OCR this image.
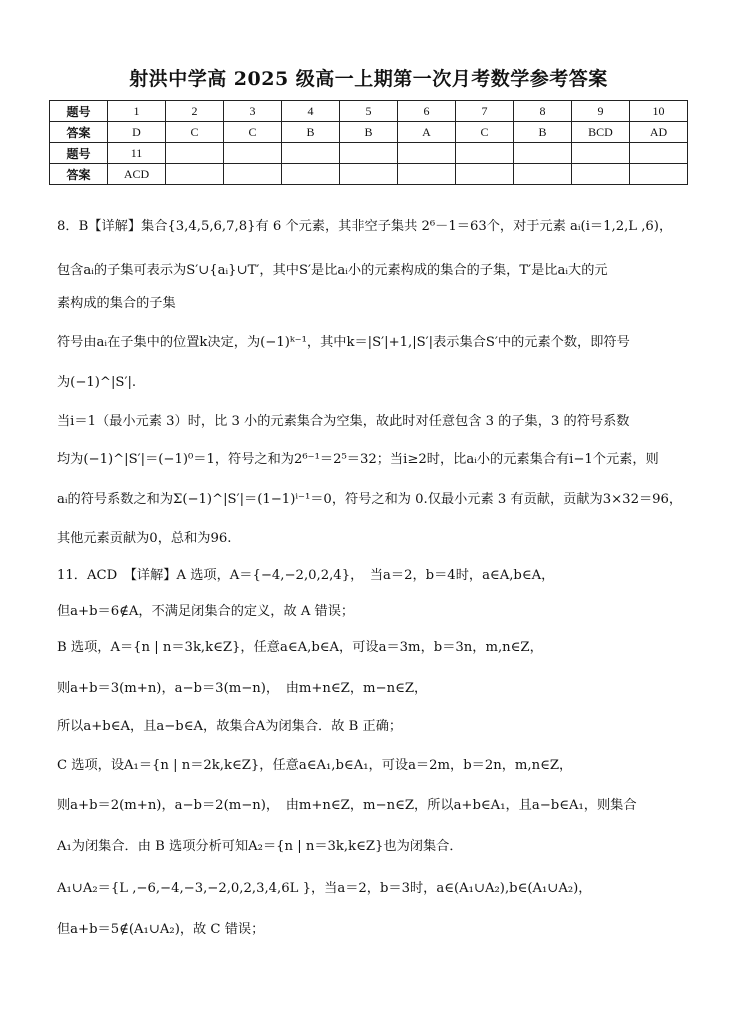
射洪中学高 2025 级高一上期第一次月考数学参考答案
题号	1	2	3	4	5	6	7	8	9	10
答案	D	C	C	B	B	A	C	B	BCD	AD
题号	11									
答案	ACD									
8．B【详解】集合{3,4,5,6,7,8}有 6 个元素，其非空子集共 2⁶－1＝63个，对于元素 aᵢ(i＝1,2,L ,6)，
包含aᵢ的子集可表示为S′∪{aᵢ}∪T′，其中S′是比aᵢ小的元素构成的集合的子集，T′是比aᵢ大的元
素构成的集合的子集
符号由aᵢ在子集中的位置k决定，为(−1)ᵏ⁻¹，其中k＝|S′|+1,|S′|表示集合S′中的元素个数，即符号
为(−1)^|S′|.
当i＝1（最小元素 3）时，比 3 小的元素集合为空集，故此时对任意包含 3 的子集，3 的符号系数
均为(−1)^|S′|＝(−1)⁰＝1，符号之和为2⁶⁻¹＝2⁵＝32；当i≥2时，比aᵢ小的元素集合有i−1个元素，则
aᵢ的符号系数之和为Σ(−1)^|S′|＝(1−1)ⁱ⁻¹＝0，符号之和为 0.仅最小元素 3 有贡献，贡献为3×32＝96，
其他元素贡献为0，总和为96.
11．ACD　【详解】A 选项，A＝{−4,−2,0,2,4}，　当a＝2，b＝4时，a∈A,b∈A，
但a+b＝6∉A，不满足闭集合的定义，故 A 错误；
B 选项，A＝{n | n＝3k,k∈Z}，任意a∈A,b∈A，可设a＝3m，b＝3n，m,n∈Z，
则a+b＝3(m+n)，a−b＝3(m−n)，　由m+n∈Z，m−n∈Z，
所以a+b∈A，且a−b∈A，故集合A为闭集合．故 B 正确；
C 选项，设A₁＝{n | n＝2k,k∈Z}，任意a∈A₁,b∈A₁，可设a＝2m，b＝2n，m,n∈Z，
则a+b＝2(m+n)，a−b＝2(m−n)，　由m+n∈Z，m−n∈Z，所以a+b∈A₁，且a−b∈A₁，则集合
A₁为闭集合．由 B 选项分析可知A₂＝{n | n＝3k,k∈Z}也为闭集合．
A₁∪A₂＝{L ,−6,−4,−3,−2,0,2,3,4,6L }，当a＝2，b＝3时，a∈(A₁∪A₂),b∈(A₁∪A₂)，
但a+b＝5∉(A₁∪A₂)，故 C 错误；
